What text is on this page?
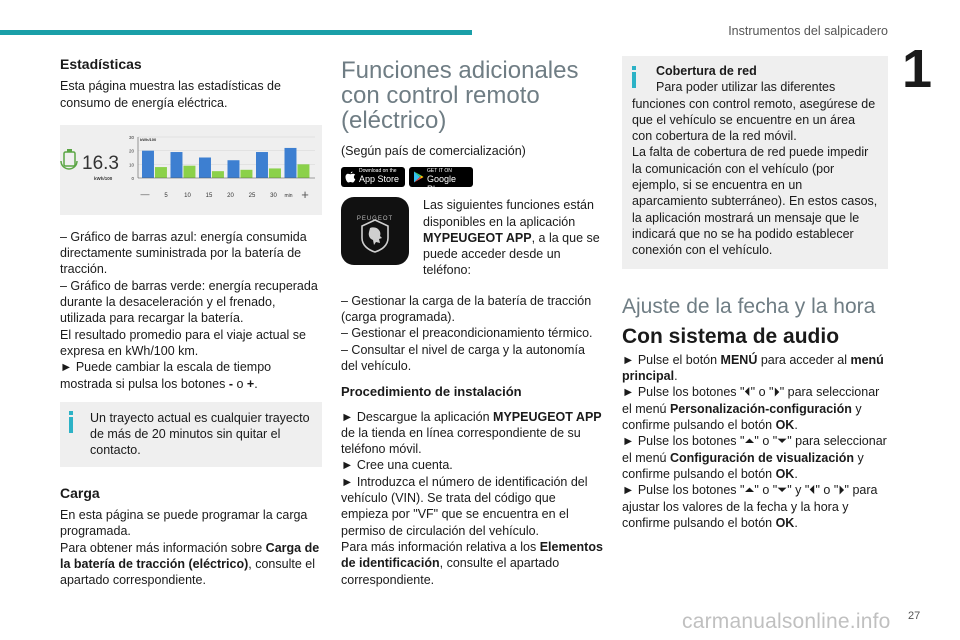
Instrumentos del salpicadero
1
carmanualsonline.info 27

Estadísticas

Esta página muestra las estadísticas de consumo de energía eléctrica.

16.3
kWh/100
30
20
10
0
kWh/100
— 5	10 15 20 25 30 min +

– Gráfico de barras azul: energía consumida directamente suministrada por la batería de tracción.

– Gráfico de barras verde: energía recuperada durante la desaceleración y el frenado, utilizada para recargar la batería.

El resultado promedio para el viaje actual se expresa en kWh/100 km.

► Puede cambiar la escala de tiempo mostrada si pulsa los botones - o +.

Un trayecto actual es cualquier trayecto de más de 20 minutos sin quitar el contacto.

Carga

En esta página se puede programar la carga programada.

Para obtener más información sobre Carga de la batería de tracción (eléctrico), consulte el apartado correspondiente.

Funciones adicionales con control remoto (eléctrico)

(Según país de comercialización)

Download on the
App Store
GET IT ON
Google Play
PEUGEOT

Las siguientes funciones están disponibles en la aplicación MYPEUGEOT APP, a la que se puede acceder desde un teléfono:

– Gestionar la carga de la batería de tracción (carga programada).

– Gestionar el preacondicionamiento térmico.

– Consultar el nivel de carga y la autonomía del vehículo.

Procedimiento de instalación

► Descargue la aplicación MYPEUGEOT APP de la tienda en línea correspondiente de su teléfono móvil.

► Cree una cuenta.

► Introduzca el número de identificación del vehículo (VIN). Se trata del código que empieza por "VF" que se encuentra en el permiso de circulación del vehículo.

Para más información relativa a los Elementos de identificación, consulte el apartado correspondiente.

Cobertura de red
Para poder utilizar las diferentes
funciones con control remoto, asegúrese de que el vehículo se encuentre en un área con cobertura de la red móvil.
La falta de cobertura de red puede impedir la comunicación con el vehículo (por ejemplo, si se encuentra en un aparcamiento subterráneo). En estos casos, la aplicación mostrará un mensaje que le indicará que no se ha podido establecer conexión con el vehículo.

Ajuste de la fecha y la hora

Con sistema de audio

► Pulse el botón MENÚ para acceder al menú principal.

► Pulse los botones "⏴" o "⏵" para seleccionar el menú Personalización-configuración y confirme pulsando el botón OK.

► Pulse los botones "⏶" o "⏷" para seleccionar el menú Configuración de visualización y confirme pulsando el botón OK.

► Pulse los botones "⏶" o "⏷" y "⏴" o "⏵" para ajustar los valores de la fecha y la hora y confirme pulsando el botón OK.
